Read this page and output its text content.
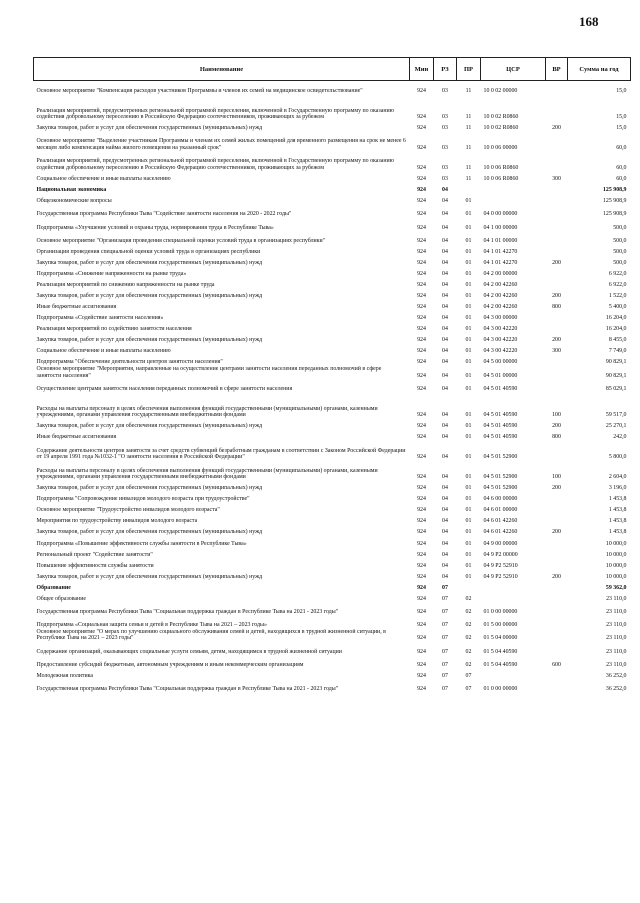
168
Наименование	Мин	РЗ	ПР	ЦСР	ВР	Сумма на год
Основное мероприятие "Компенсация расходов участников Программы и членов их семей на медицинское освидетельствование"	924	03	11	10 0 02 00000		15,0
Реализация мероприятий, предусмотренных региональной программой переселения, включенной в Государственную программу по оказанию содействия добровольному переселению в Российскую Федерацию соотечественников, проживающих за рубежом	924	03	11	10 0 02 R0860		15,0
Закупка товаров, работ и услуг для обеспечения государственных (муниципальных) нужд	924	03	11	10 0 02 R0860	200	15,0
Основное мероприятие "Выделение участникам Программы и членам их семей жилых помещений для временного размещения на срок не менее 6 месяцев либо компенсация найма жилого помещения на указанный срок"	924	03	11	10 0 06 00000		60,0
Реализация мероприятий, предусмотренных региональной программой переселения, включенной в Государственную программу по оказанию содействия добровольному переселению в Российскую Федерацию соотечественников, проживающих за рубежом	924	03	11	10 0 06 R0860		60,0
Социальное обеспечение и иные выплаты населению	924	03	11	10 0 06 R0860	300	60,0
Национальная экономика	924	04				125 908,9
Общеэкономические вопросы	924	04	01			125 908,9
Государственная программа Республики Тыва "Содействие занятости населения на 2020 - 2022 годы"	924	04	01	04 0 00 00000		125 908,9
Подпрограмма «Улучшение условий и охраны труда, нормирования труда в Республике Тыва»	924	04	01	04 1 00 00000		500,0
Основное мероприятие "Организация проведения специальной оценки условий труда в организациях республики"	924	04	01	04 1 01 00000		500,0
Организация проведения специальной оценки условий труда в организациях республики	924	04	01	04 1 01 42270		500,0
Закупка товаров, работ и услуг для обеспечения государственных (муниципальных) нужд	924	04	01	04 1 01 42270	200	500,0
Подпрограмма «Снижение напряженности на рынке труда»	924	04	01	04 2 00 00000		6 922,0
Реализация мероприятий по снижению напряженности на рынке труда	924	04	01	04 2 00 42260		6 922,0
Закупка товаров, работ и услуг для обеспечения государственных (муниципальных) нужд	924	04	01	04 2 00 42260	200	1 522,0
Иные бюджетные ассигнования	924	04	01	04 2 00 42260	800	5 400,0
Подпрограмма «Содействие занятости населения»	924	04	01	04 3 00 00000		16 204,0
Реализация мероприятий по содействию занятости населения	924	04	01	04 3 00 42220		16 204,0
Закупка товаров, работ и услуг для обеспечения государственных (муниципальных) нужд	924	04	01	04 3 00 42220	200	8 455,0
Социальное обеспечение и иные выплаты населению	924	04	01	04 3 00 42220	300	7 749,0
Подпрограмма "Обеспечение деятельности центров занятости населения"	924	04	01	04 5 00 00000		90 829,1
Основное мероприятие "Мероприятия, направленные на осуществление центрами занятости населения переданных полномочий в сфере занятости населения"	924	04	01	04 5 01 00000		90 829,1
Осуществление центрами занятости населения переданных полномочий в сфере занятости населения	924	04	01	04 5 01 40590		85 029,1
Расходы на выплаты персоналу в целях обеспечения выполнения функций государственными (муниципальными) органами, казенными учреждениями, органами управления государственными внебюджетными фондами	924	04	01	04 5 01 40590	100	59 517,0
Закупка товаров, работ и услуг для обеспечения государственных (муниципальных) нужд	924	04	01	04 5 01 40590	200	25 270,1
Иные бюджетные ассигнования	924	04	01	04 5 01 40590	800	242,0
Содержание деятельности центров занятости за счет средств субвенций безработным гражданам в соответствии с Законом Российской Федерации от 19 апреля 1991 года №1032-1 "О занятости населения в Российской Федерации"	924	04	01	04 5 01 52900		5 800,0
Расходы на выплаты персоналу в целях обеспечения выполнения функций государственными (муниципальными) органами, казенными учреждениями, органами управления государственными внебюджетными фондами	924	04	01	04 5 01 52900	100	2 604,0
Закупка товаров, работ и услуг для обеспечения государственных (муниципальных) нужд	924	04	01	04 5 01 52900	200	3 196,0
Подпрограмма "Сопровождение инвалидов молодого возраста при трудоустройстве"	924	04	01	04 6 00 00000		1 453,8
Основное мероприятие "Трудоустройство инвалидов молодого возраста"	924	04	01	04 6 01 00000		1 453,8
Мероприятия по трудоустройству инвалидов молодого возраста	924	04	01	04 6 01 42260		1 453,8
Закупка товаров, работ и услуг для обеспечения государственных (муниципальных) нужд	924	04	01	04 6 01 42260	200	1 453,8
Подпрограмма «Повышение эффективности службы занятости в Республике Тыва»	924	04	01	04 9 00 00000		10 000,0
Региональный проект "Содействие занятости"	924	04	01	04 9 P2 00000		10 000,0
Повышение эффективности службы занятости	924	04	01	04 9 P2 52910		10 000,0
Закупка товаров, работ и услуг для обеспечения государственных (муниципальных) нужд	924	04	01	04 9 P2 52910	200	10 000,0
Образование	924	07				59 362,0
Общее образование	924	07	02			23 110,0
Государственная программа Республики Тыва "Социальная поддержка граждан в Республике Тыва на 2021 - 2023 годы"	924	07	02	01 0 00 00000		23 110,0
Подпрограмма «Социальная защита семьи и детей в Республике Тыва на 2021 – 2023 годы»	924	07	02	01 5 00 00000		23 110,0
Основное мероприятие "О мерах по улучшению социального обслуживания семей и детей, находящихся в трудной жизненной ситуации, в Республике Тыва на 2021 – 2023 годы"	924	07	02	01 5 04 00000		23 110,0
Содержание организаций, оказывающих социальные услуги семьям, детям, находящимся в трудной жизненной ситуации	924	07	02	01 5 04 40590		23 110,0
Предоставление субсидий бюджетным, автономным учреждениям и иным некоммерческим организациям	924	07	02	01 5 04 40590	600	23 110,0
Молодежная политика	924	07	07			36 252,0
Государственная программа Республики Тыва "Социальная поддержка граждан в Республике Тыва на 2021 - 2023 годы"	924	07	07	01 0 00 00000		36 252,0
